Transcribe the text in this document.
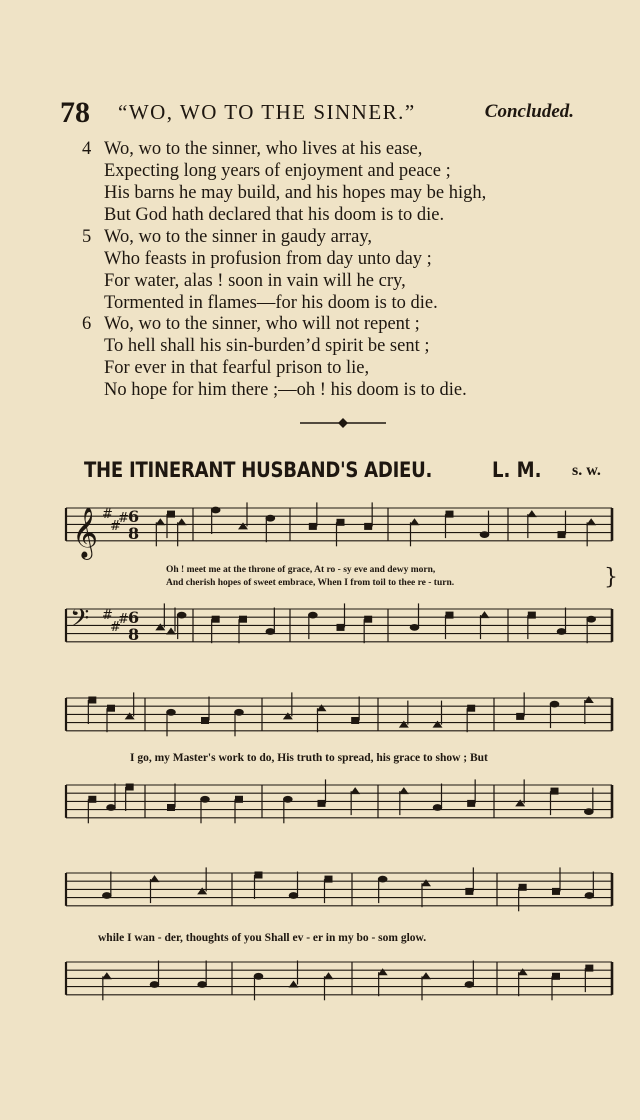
78 “WO, WO TO THE SINNER.”	Concluded.
4 Wo, wo to the sinner, who lives at his ease,
Expecting long years of enjoyment and peace ;
His barns he may build, and his hopes may be high,
But God hath declared that his doom is to die.
5 Wo, wo to the sinner in gaudy array,
Who feasts in profusion from day unto day ;
For water, alas ! soon in vain will he cry,
Tormented in flames—for his doom is to die.
6 Wo, wo to the sinner, who will not repent ;
To hell shall his sin-burden’d spirit be sent ;
For ever in that fearful prison to lie,
No hope for him there ;—oh ! his doom is to die.
THE ITINERANT HUSBAND'S ADIEU.	L. M. s. w.
𝄞 #
#
# 6
8
𝄢 #
#
# 6
8
}
Oh ! meet me at the throne of grace, At ro - sy eve and dewy morn,
And cherish hopes of sweet embrace, When I from toil to thee re - turn.
I go, my Master's work to do, His truth to spread, his grace to show ; But
while I wan - der, thoughts of you Shall ev - er in my bo - som glow.
